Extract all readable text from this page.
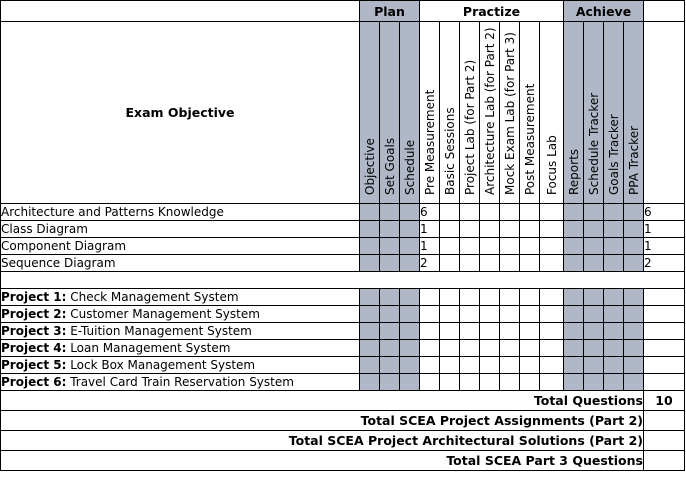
	Plan			Practize							Achieve				
Exam Objective	Objective	Set Goals	Schedule	Pre Measurement	Basic Sessions	Project Lab (for Part 2)	Architecture Lab (for Part 2)	Mock Exam Lab (for Part 3)	Post Measurement	Focus Lab	Reports	Schedule Tracker	Goals Tracker	PPA Tracker	

Architecture and Patterns Knowledge				6											6
Class Diagram				1											1
Component Diagram				1											1
Sequence Diagram				2											2

Project 1: Check Management System															
Project 2: Customer Management System															
Project 3: E-Tuition Management System															
Project 4: Loan Management System															
Project 5: Lock Box Management System															
Project 6: Travel Card Train Reservation System															
Total Questions															10
Total SCEA Project Assignments (Part 2)															
Total SCEA Project Architectural Solutions (Part 2)															
Total SCEA Part 3 Questions															
